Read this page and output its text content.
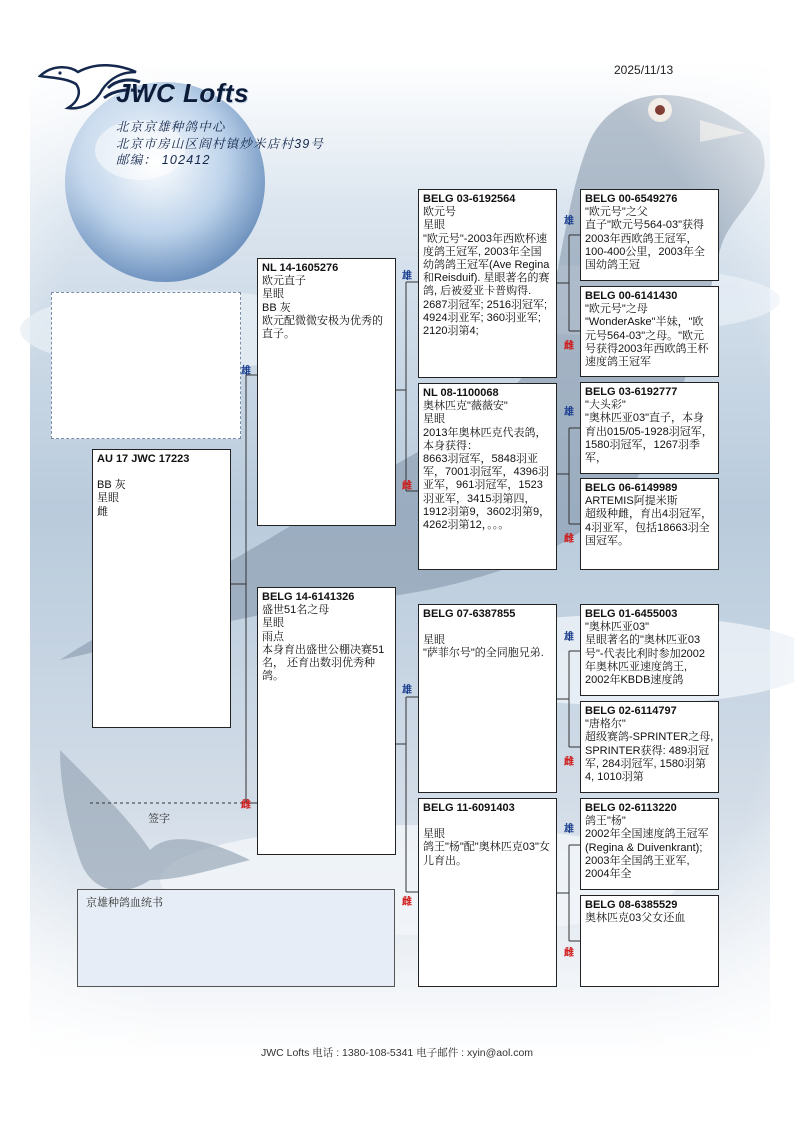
2025/11/13
JWC Lofts
北京京雄种鸽中心
北京市房山区阎村镇炒米店村39号
邮编： 102412
AU 17 JWC 17223
BB 灰
星眼
雌
NL 14-1605276
欧元直子
星眼
BB 灰
欧元配微微安极为优秀的直子。
雄
BELG 14-6141326
盛世51名之母
星眼
雨点
本身育出盛世公棚决赛51名， 还育出数羽优秀种鸽。
雌
BELG 03-6192564
欧元号
星眼
"欧元号"-2003年西欧杯速度鸽王冠军, 2003年全国幼鸽鸽王冠军(Ave Regina和Reisduif). 星眼著名的赛鸽, 后被爱亚卡普购得.
2687羽冠军; 2516羽冠军; 4924羽亚军; 360羽亚军; 2120羽第4;
雄
NL 08-1100068
奥林匹克"薇薇安"
星眼
2013年奥林匹克代表鸽，本身获得：
8663羽冠军，5848羽亚军，7001羽冠军，4396羽亚军，961羽冠军，1523羽亚军，3415羽第四，1912羽第9，3602羽第9，4262羽第12，。。。
雌
BELG 07-6387855
星眼
"萨菲尔号"的全同胞兄弟.
雄
BELG 11-6091403
星眼
鸽王"杨"配"奥林匹克03"女儿育出。
雌
BELG 00-6549276
"欧元号"之父
直子"欧元号564-03"获得2003年西欧鸽王冠军，100-400公里，2003年全国幼鸽王冠
雄
BELG 00-6141430
"欧元号"之母
"WonderAske"半妹，"欧元号564-03"之母。"欧元号获得2003年西欧鸽王杯速度鸽王冠军
雌
BELG 03-6192777
"大头彩"
"奥林匹亚03"直子，本身育出015/05-1928羽冠军，1580羽冠军，1267羽季军，
雄
BELG 06-6149989
ARTEMIS阿提米斯
超级种雌，育出4羽冠军，4羽亚军，包括18663羽全国冠军。
雌
BELG 01-6455003
"奥林匹亚03"
星眼著名的"奥林匹亚03号"-代表比利时参加2002年奥林匹亚速度鸽王, 2002年KBDB速度鸽
雄
BELG 02-6114797
"唐格尔"
超级赛鸽-SPRINTER之母, SPRINTER获得: 489羽冠军, 284羽冠军, 1580羽第4, 1010羽第
雌
BELG 02-6113220
鸽王"杨"
2002年全国速度鸽王冠军(Regina & Duivenkrant); 2003年全国鸽王亚军, 2004年全
雄
BELG 08-6385529
奥林匹克03父女还血
雌
签字
京雄种鸽血统书
JWC Lofts 电话 : 1380-108-5341 电子邮件 : xyin@aol.com
